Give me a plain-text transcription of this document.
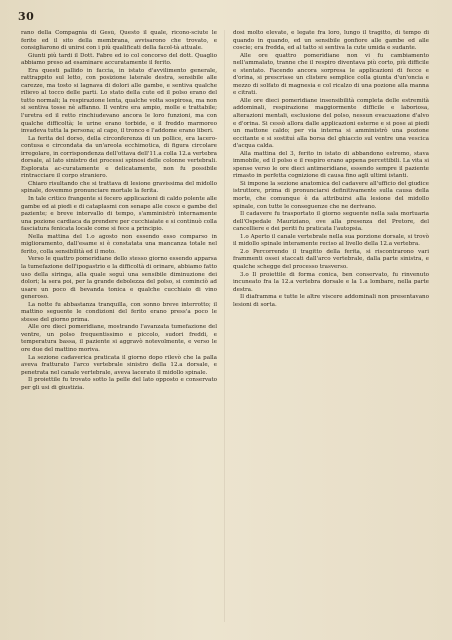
30

rano della Compagnia di Gesù, Questo il quale, ricono-sciute le ferite ed il sito della membrana, avvisarono che trovato, e consigliarono di unirsi con i più qualificati della facol-tà attuale.

Giunti più tardi il Dott. Fabre ed io col concorso del dott. Quaglio abbiamo preso ad esaminare accuratamente il ferito.

Era questi pallido in faccia, in istato d'avvilimento generale, rattrappito sul letto, con posizione laterale destra, sensibile alle carezze, ma tosto si lagnava di dolori alle gambe, e sentiva qualche rilievo al tocco delle parti. Lo stato della cute ed il polso erano del tutto normali; la respirazione lenta, qualche volta sospirosa, ma non si sentiva tosse nè affanno. Il ventre era ampio, molle e trattabile; l'uretra ed il retto rinchiudevano ancora le loro funzioni, ma con qualche difficoltà; le urine erano torbide, e il freddo marmoreo invadeva tutta la persona; al capo, il tronco e l'addome erano liberi.

La ferita del dorso, della circonferenza di un pollice, era lacero-contusa e circondata da un'areola ecchimotica, di figura circolare irregolare, in corrispondenza dell'ottava dell'11.a colla 12.a vertebra dorsale, al lato sinistro dei processi spinosi delle colonne vertebrali. Esplorata ac-curatamente e delicatamente, non fu possibile rintracciare il corpo straniero.

Chiaro risultando che si trattava di lesione gravissima del midollo spinale, dovemmo pronunciare mortale la ferita.

In tale critico frangente si fecero applicazioni di caldo polente alle gambe ed ai piedi e di cataplasmi con senape alle cosce e gambe del paziente; e breve intervallo di tempo, s'amministrò internamente una pozione cardiaca da prendere per cucchiaiate e si continuò colla fasciatura fenicata locale come si fece a principio.

Nella mattina del 1.o agosto non essendo esso comparso in miglioramento, dall'esame si è constatata una mancanza totale nel ferito, colla sensibilità ed il moto.

Verso le quattro pomeridiane dello stesso giorno essendo apparsa la tumefazione dell'ipogastrio e la difficoltà di orinare, abbiamo fatto uso della siringa, alla quale seguì una sensibile diminuzione dei dolori; la sera poi, per la grande debolezza del polso, si cominciò ad usare un poco di bevanda tonica e qualche cucchiaio di vino generoso.

La notte fu abbastanza tranquilla, con sonno breve interrotto; il mattino seguente le condizioni del ferito erano press'a poco le stesse del giorno prima.

Alle ore dieci pomeridiane, mostrando l'avanzata tumefazione del ventre, un polso frequentissimo e piccolo, sudori freddi, e temperatura bassa, il paziente si aggravò notevolmente, e verso le ore due del mattino moriva.

La sezione cadaverica praticata il giorno dopo rilevò che la palla aveva fratturato l'arco vertebrale sinistro della 12.a dorsale, e penetrata nel canale vertebrale, aveva lacerato il midollo spinale.

Il proiettile fu trovato sotto la pelle del lato opposto e conservato per gli usi di giustizia.

dosi molto elevate, e legate fra loro, lungo il tragitto, di tempo di quando in quando, ed un sensibile gonfiore alle gambe ed alle coscie; era fredda, ed al tatto si sentiva la cute umida e sudante.

Alle ore quattro pomeridiane non vi fu cambiamento nell'ammalato, tranne che il respiro diventava più corto, più difficile e stentato. Facendo ancora sorpresa le applicazioni di fecce e d'orina, si prescrisse un clistere semplice colla giunta d'un'oncia e mezzo di solfato di magnesia e col ricalzo di una pozione alla manna e citrati.

Alle ore dieci pomeridiane insensibilità completa delle estremità addominali, respirazione maggiormente difficile e laboriosa, alterazioni mentali, esclusione del polso, nessun evacuazione d'alvo e d'orina. Si cessò allora dalle applicazioni esterne e si pose ai piedi un mattone caldo; per via interna si amministrò una pozione eccitante e si sostituì alla borsa del ghiaccio sul ventre una vescica d'acqua calda.

Alla mattina del 3, ferito in istato di abbandono estremo, stava immobile, ed il polso e il respiro erano appena percettibili. La vita si spense verso le ore dieci antimeridiane, essendo sempre il paziente rimasto in perfetta cognizione di causa fino agli ultimi istanti.

Si impone la sezione anatomica del cadavere all'ufficio del giudice istruttore, prima di pronunciarsi definitivamente sulla causa della morte, che comunque è da attribuirsi alla lesione del midollo spinale, con tutte le conseguenze che ne derivano.

Il cadavere fu trasportato il giorno seguente nella sala mortuaria dell'Ospedale Mauriziano, ove alla presenza del Pretore, del cancelliere e dei periti fu praticata l'autopsia.

1.o Aperto il canale vertebrale nella sua porzione dorsale, si trovò il midollo spinale interamente reciso al livello della 12.a vertebra.

2.o Percorrendo il tragitto della ferita, si riscontrarono vari frammenti ossei staccati dall'arco vertebrale, dalla parte sinistra, e qualche schegge del processo trasverso.

3.o Il proiettile di forma conica, ben conservato, fu rinvenuto incuneato fra la 12.a vertebra dorsale e la 1.a lombare, nella parte destra.

Il diaframma e tutte le altre viscere addominali non presentavano lesioni di sorta.
